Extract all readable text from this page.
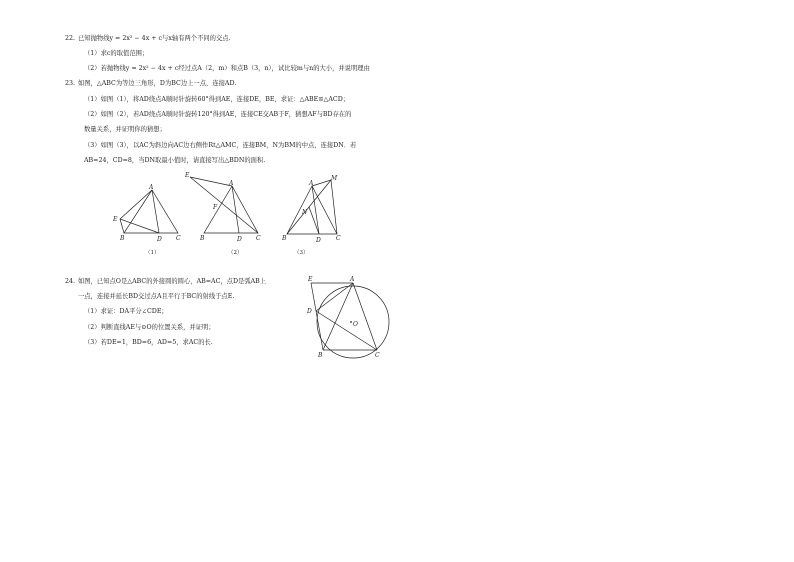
22. 已知抛物线y = 2x² − 4x + c与x轴有两个不同的交点.
（1）求c的取值范围；
（2）若抛物线y = 2x² − 4x + c经过点A（2，m）和点B（3，n），试比较m与n的大小，并说明理由
23. 如图，△ABC为等边三角形，D为BC边上一点，连接AD.
（1）如图（1），将AD绕点A顺时针旋转60°得到AE，连接DE，BE，求证：△ABE≌△ACD；
（2）如图（2），若AD绕点A顺时针旋转120°得到AE，连接CE交AB于F，猜想AF与BD存在的
数量关系，并证明你的猜想；
（3）如图（3），以AC为斜边向AC边右侧作Rt△AMC，连接BM，N为BM的中点，连接DN．若
AB=24，CD=8，当DN取最小值时，请直接写出△BDN的面积.
A
B	C
D
E
（1）
A
B	C
D
E
F
（2）
A
B	C
D
M
N
（3）
24. 如图，已知点O是△ABC的外接圆的圆心，AB=AC，点D是弧AB上
一点，连接并延长BD交过点A且平行于BC的射线于点E.
（1）求证：DA平分∠CDE；
（2）判断直线AE与⊙O的位置关系，并证明；
（3）若DE=1，BD=6，AD=5，求AC的长.
A
B	C
D
E
O
